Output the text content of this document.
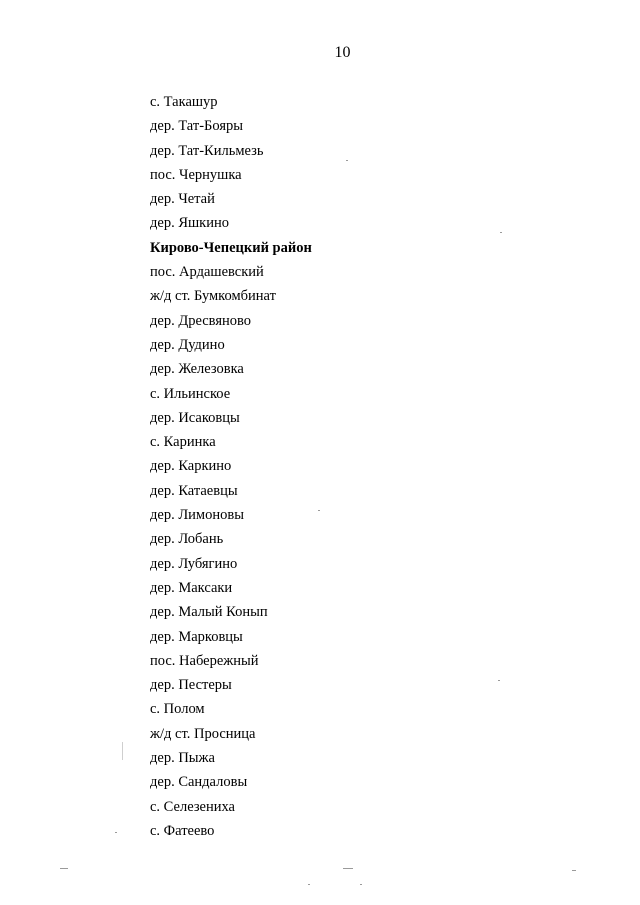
10
с. Такашур
дер. Тат-Бояры
дер. Тат-Кильмезь
пос. Чернушка
дер. Четай
дер. Яшкино
Кирово-Чепецкий район
пос. Ардашевский
ж/д ст. Бумкомбинат
дер. Дресвяново
дер. Дудино
дер. Железовка
с. Ильинское
дер. Исаковцы
с. Каринка
дер. Каркино
дер. Катаевцы
дер. Лимоновы
дер. Лобань
дер. Лубягино
дер. Максаки
дер. Малый Конып
дер. Марковцы
пос. Набережный
дер. Пестеры
с. Полом
ж/д ст. Просница
дер. Пыжа
дер. Сандаловы
с. Селезениха
с. Фатеево
